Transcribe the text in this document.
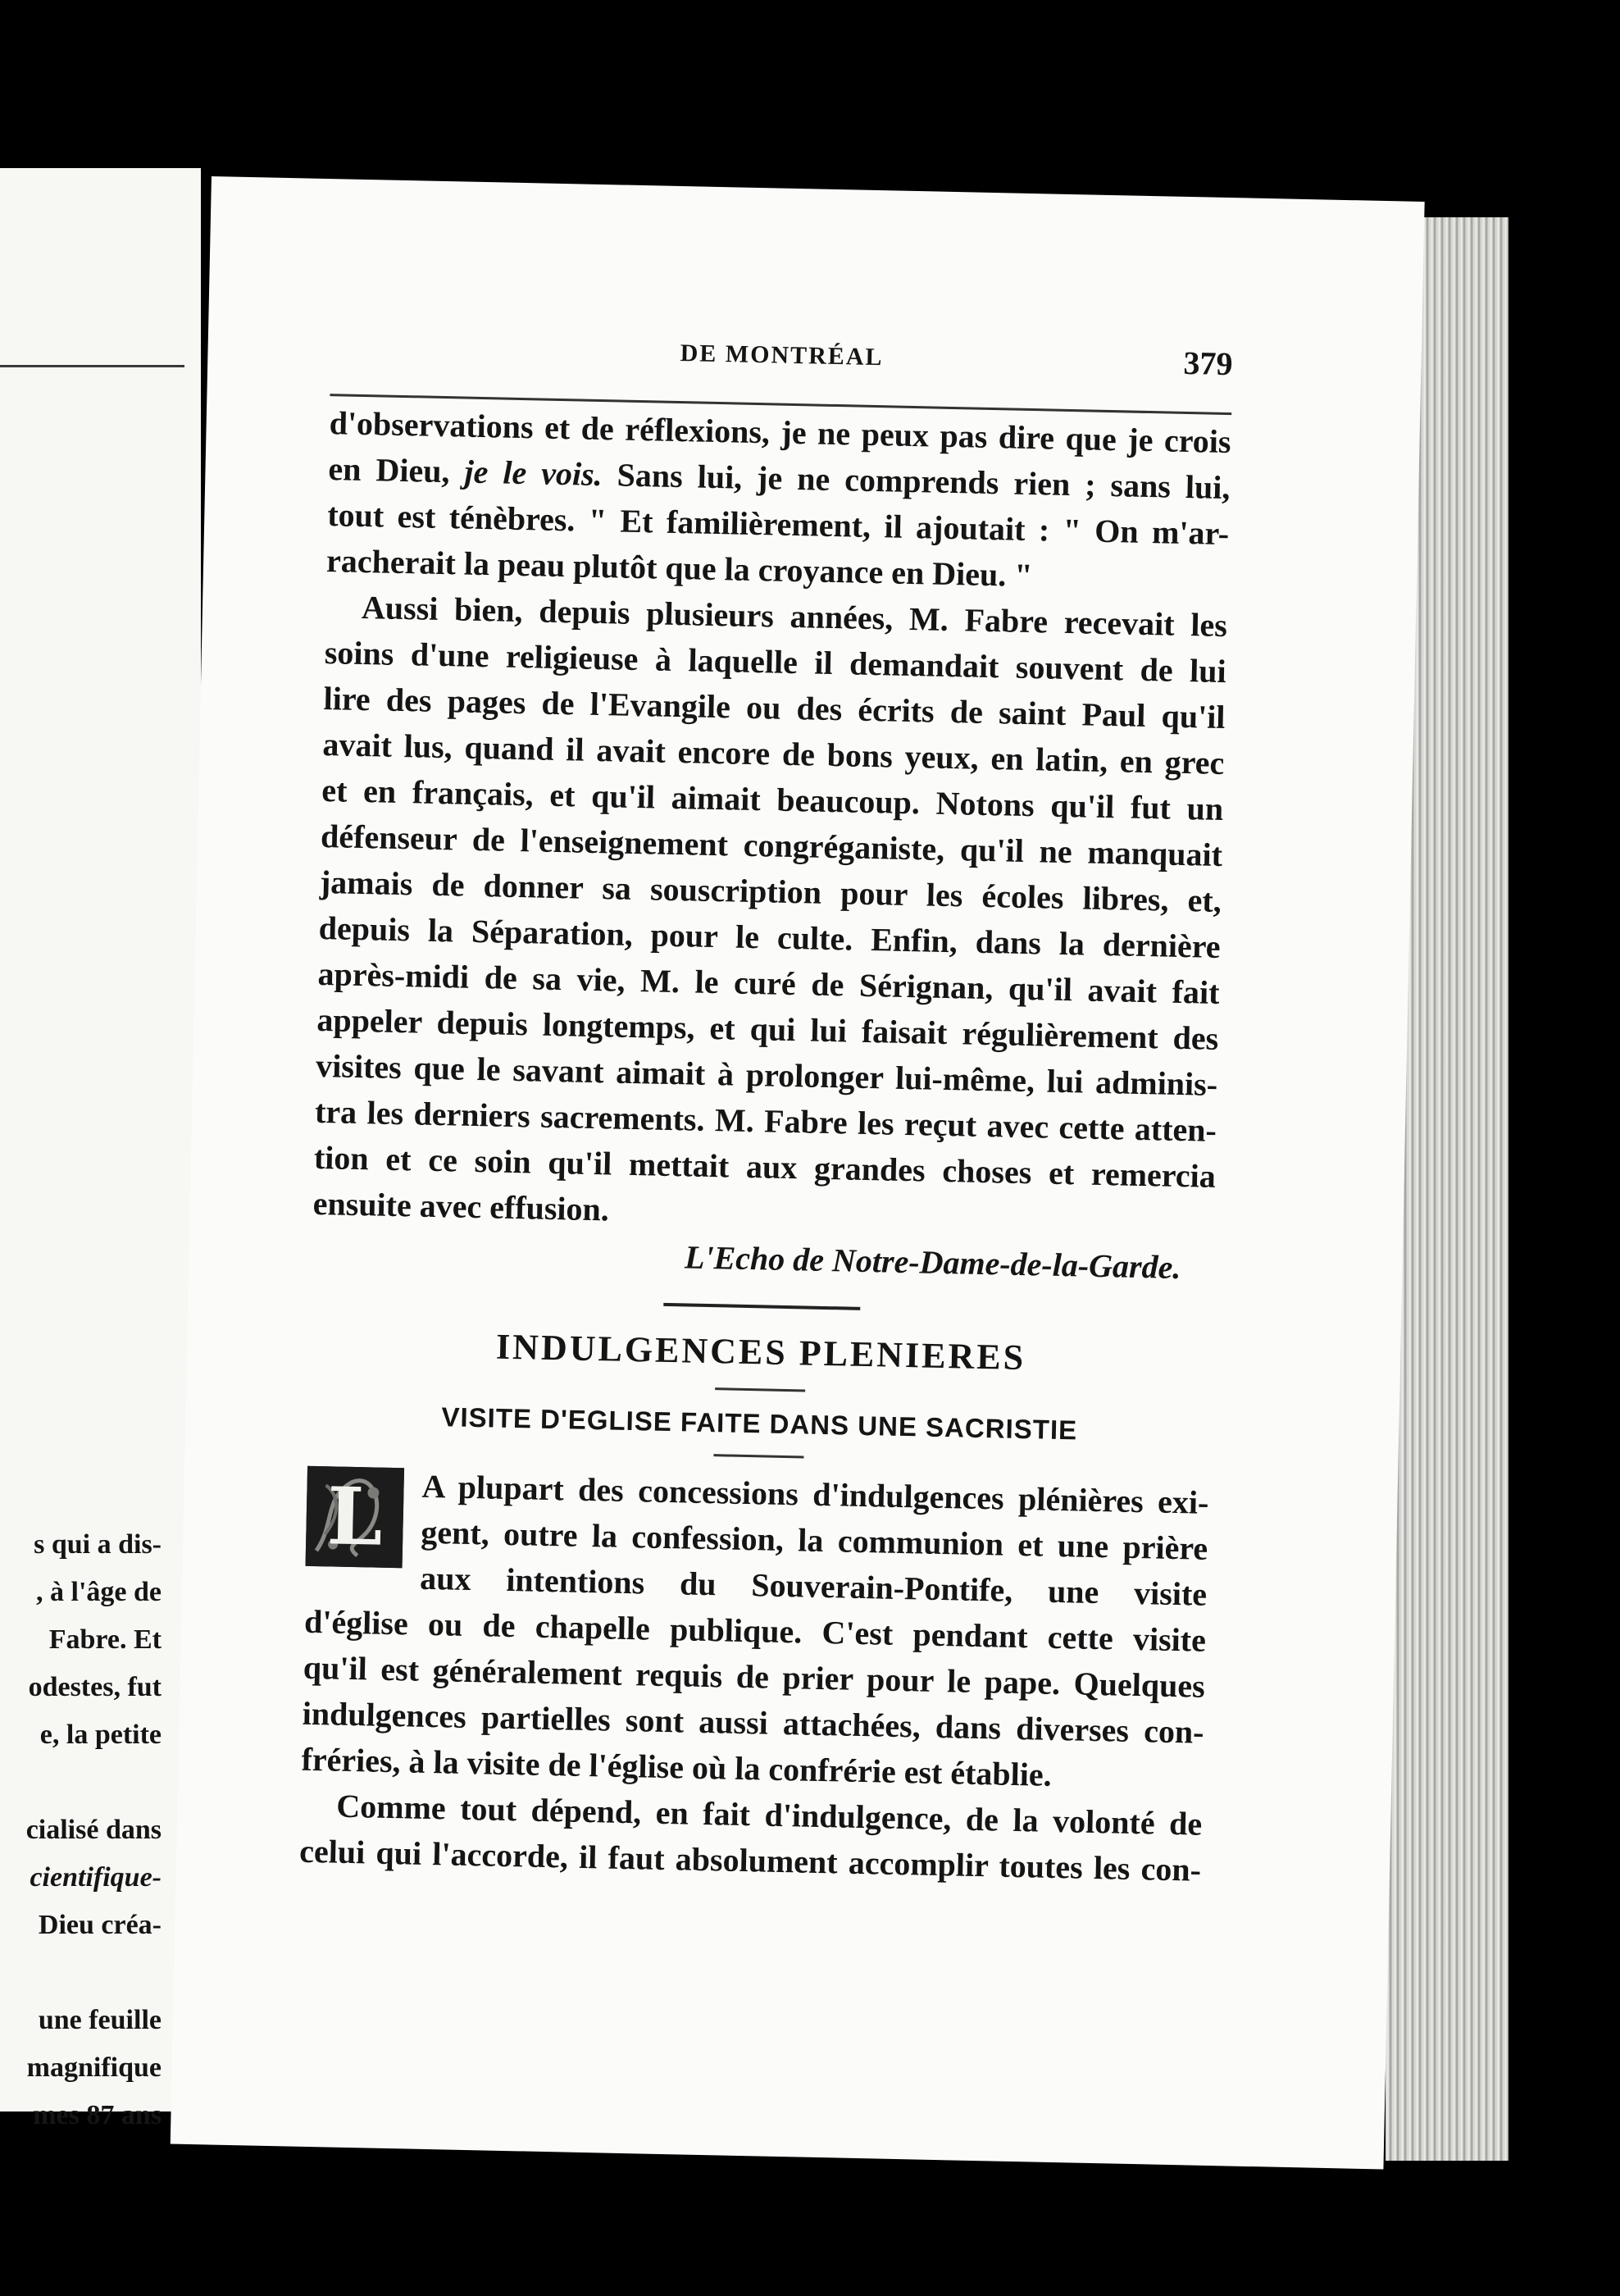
s qui a dis-
, à l'âge de
Fabre. Et
odestes, fut
e, la petite
cialisé dans
cientifique-
Dieu créa-
une feuille
magnifique
mes 87 ans
DE MONTRÉAL	379
d'observations et de réflexions, je ne peux pas dire que je crois
en Dieu, je le vois. Sans lui, je ne comprends rien ; sans lui,
tout est ténèbres. " Et familièrement, il ajoutait : " On m'ar-
racherait la peau plutôt que la croyance en Dieu. "
Aussi bien, depuis plusieurs années, M. Fabre recevait les
soins d'une religieuse à laquelle il demandait souvent de lui
lire des pages de l'Evangile ou des écrits de saint Paul qu'il
avait lus, quand il avait encore de bons yeux, en latin, en grec
et en français, et qu'il aimait beaucoup. Notons qu'il fut un
défenseur de l'enseignement congréganiste, qu'il ne manquait
jamais de donner sa souscription pour les écoles libres, et,
depuis la Séparation, pour le culte. Enfin, dans la dernière
après-midi de sa vie, M. le curé de Sérignan, qu'il avait fait
appeler depuis longtemps, et qui lui faisait régulièrement des
visites que le savant aimait à prolonger lui-même, lui adminis-
tra les derniers sacrements. M. Fabre les reçut avec cette atten-
tion et ce soin qu'il mettait aux grandes choses et remercia
ensuite avec effusion.
L'Echo de Notre-Dame-de-la-Garde.
INDULGENCES PLENIERES
VISITE D'EGLISE FAITE DANS UNE SACRISTIE
L	A plupart des concessions d'indulgences plénières exi-
gent, outre la confession, la communion et une prière
aux intentions du Souverain-Pontife, une visite
d'église ou de chapelle publique. C'est pendant cette visite
qu'il est généralement requis de prier pour le pape. Quelques
indulgences partielles sont aussi attachées, dans diverses con-
fréries, à la visite de l'église où la confrérie est établie.
Comme tout dépend, en fait d'indulgence, de la volonté de
celui qui l'accorde, il faut absolument accomplir toutes les con-
